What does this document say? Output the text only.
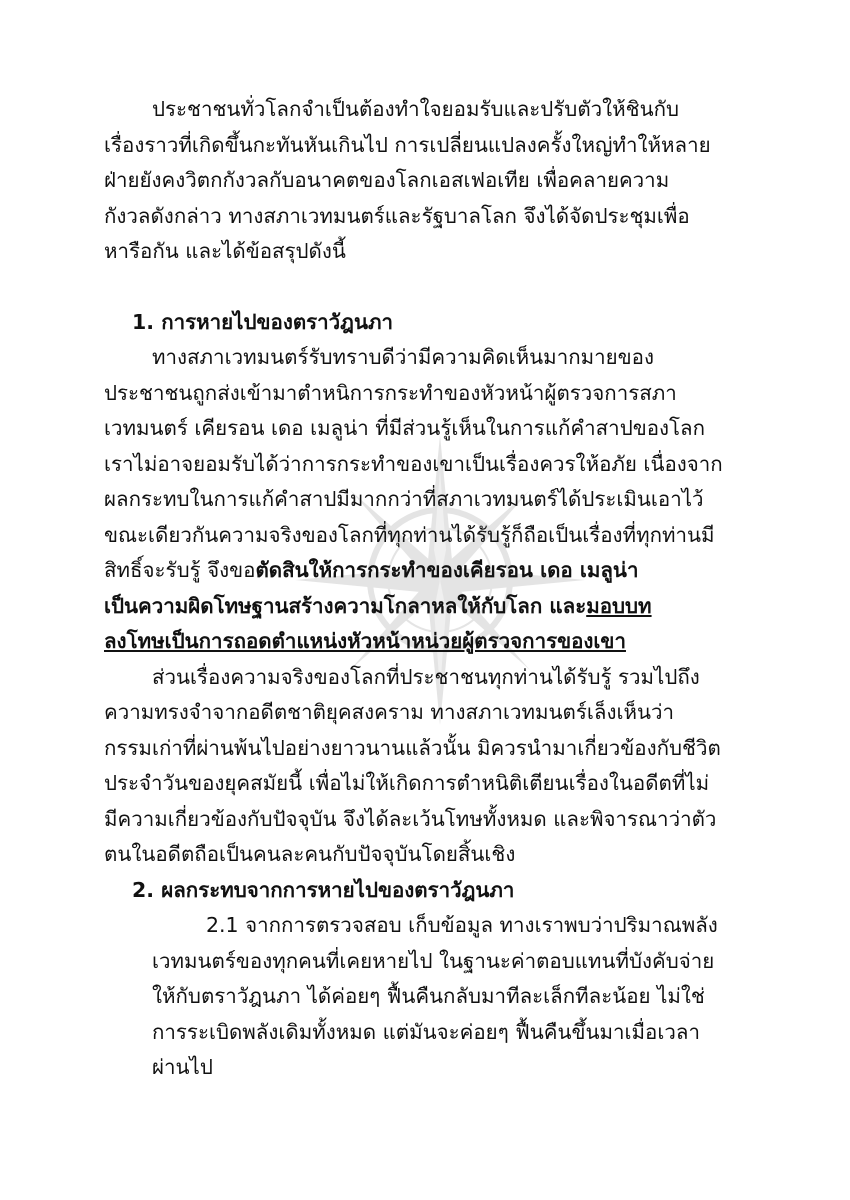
ประชาชนทั่วโลกจำเป็นต้องทำใจยอมรับและปรับตัวให้ชินกับ
เรื่องราวที่เกิดขึ้นกะทันหันเกินไป การเปลี่ยนแปลงครั้งใหญ่ทำให้หลาย
ฝ่ายยังคงวิตกกังวลกับอนาคตของโลกเอสเฟอเทีย เพื่อคลายความ
กังวลดังกล่าว ทางสภาเวทมนตร์และรัฐบาลโลก จึงได้จัดประชุมเพื่อ
หารือกัน และได้ข้อสรุปดังนี้
1. การหายไปของตราวัฎนภา
ทางสภาเวทมนตร์รับทราบดีว่ามีความคิดเห็นมากมายของ
ประชาชนถูกส่งเข้ามาตำหนิการกระทำของหัวหน้าผู้ตรวจการสภา
เวทมนตร์ เคียรอน เดอ เมลูน่า ที่มีส่วนรู้เห็นในการแก้คำสาปของโลก
เราไม่อาจยอมรับได้ว่าการกระทำของเขาเป็นเรื่องควรให้อภัย เนื่องจาก
ผลกระทบในการแก้คำสาปมีมากกว่าที่สภาเวทมนตร์ได้ประเมินเอาไว้
ขณะเดียวกันความจริงของโลกที่ทุกท่านได้รับรู้ก็ถือเป็นเรื่องที่ทุกท่านมี
สิทธิ์จะรับรู้ จึงขอตัดสินให้การกระทำของเคียรอน เดอ เมลูน่า
เป็นความผิดโทษฐานสร้างความโกลาหลให้กับโลก และมอบบท
ลงโทษเป็นการถอดตำแหน่งหัวหน้าหน่วยผู้ตรวจการของเขา
ส่วนเรื่องความจริงของโลกที่ประชาชนทุกท่านได้รับรู้ รวมไปถึง
ความทรงจำจากอดีตชาติยุคสงคราม ทางสภาเวทมนตร์เล็งเห็นว่า
กรรมเก่าที่ผ่านพ้นไปอย่างยาวนานแล้วนั้น มิควรนำมาเกี่ยวข้องกับชีวิต
ประจำวันของยุคสมัยนี้ เพื่อไม่ให้เกิดการตำหนิติเตียนเรื่องในอดีตที่ไม่
มีความเกี่ยวข้องกับปัจจุบัน จึงได้ละเว้นโทษทั้งหมด และพิจารณาว่าตัว
ตนในอดีตถือเป็นคนละคนกับปัจจุบันโดยสิ้นเชิง
2. ผลกระทบจากการหายไปของตราวัฎนภา
2.1 จากการตรวจสอบ เก็บข้อมูล ทางเราพบว่าปริมาณพลัง
เวทมนตร์ของทุกคนที่เคยหายไป ในฐานะค่าตอบแทนที่บังคับจ่าย
ให้กับตราวัฎนภา ได้ค่อยๆ ฟื้นคืนกลับมาทีละเล็กทีละน้อย ไม่ใช่
การระเบิดพลังเดิมทั้งหมด แต่มันจะค่อยๆ ฟื้นคืนขึ้นมาเมื่อเวลา
ผ่านไป
